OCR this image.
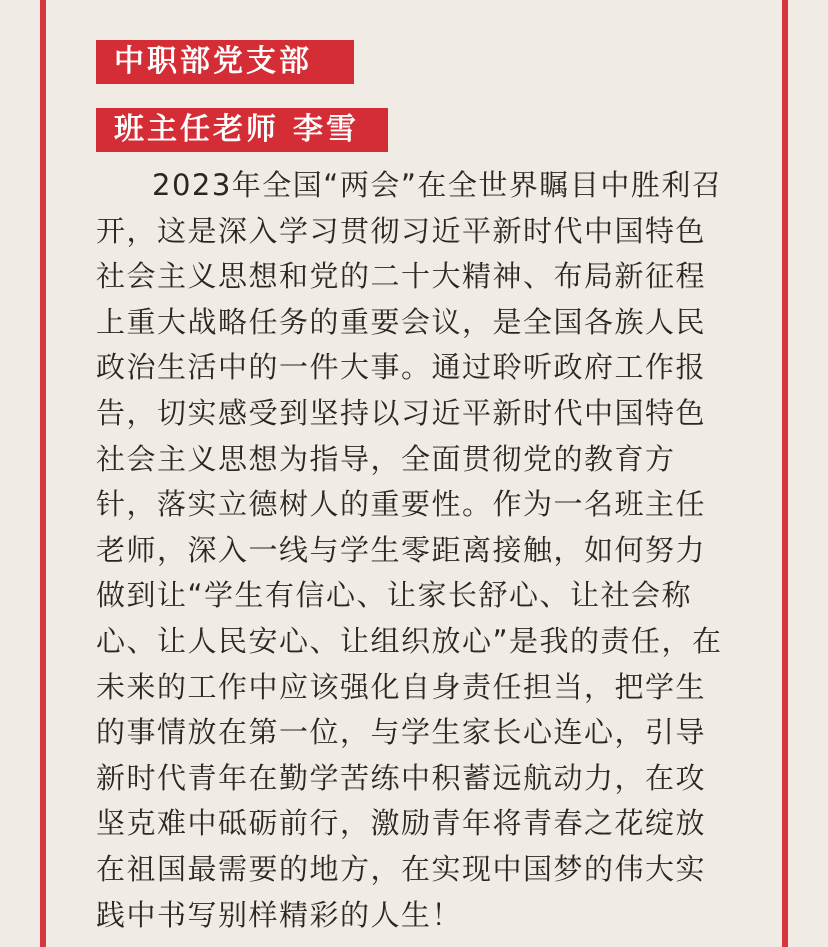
中职部党支部
班主任老师 李雪
2023年全国“两会”在全世界瞩目中胜利召
开，这是深入学习贯彻习近平新时代中国特色
社会主义思想和党的二十大精神、布局新征程
上重大战略任务的重要会议，是全国各族人民
政治生活中的一件大事。通过聆听政府工作报
告，切实感受到坚持以习近平新时代中国特色
社会主义思想为指导，全面贯彻党的教育方
针，落实立德树人的重要性。作为一名班主任
老师，深入一线与学生零距离接触，如何努力
做到让“学生有信心、让家长舒心、让社会称
心、让人民安心、让组织放心”是我的责任，在
未来的工作中应该强化自身责任担当，把学生
的事情放在第一位，与学生家长心连心，引导
新时代青年在勤学苦练中积蓄远航动力，在攻
坚克难中砥砺前行，激励青年将青春之花绽放
在祖国最需要的地方，在实现中国梦的伟大实
践中书写别样精彩的人生！
